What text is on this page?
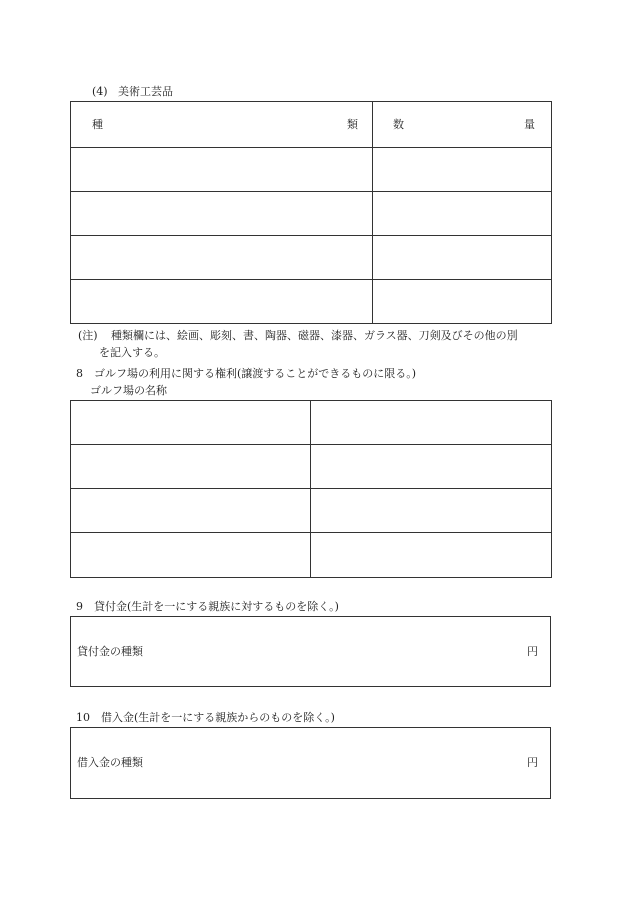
(4) 美術工芸品
種 類	数 量

(注) 種類欄には、絵画、彫刻、書、陶器、磁器、漆器、ガラス器、刀剣及びその他の別
を記入する。
8　ゴルフ場の利用に関する権利(譲渡することができるものに限る。)
ゴルフ場の名称

9　貸付金(生計を一にする親族に対するものを除く。)
貸付金の種類	円
10　借入金(生計を一にする親族からのものを除く。)
借入金の種類	円
